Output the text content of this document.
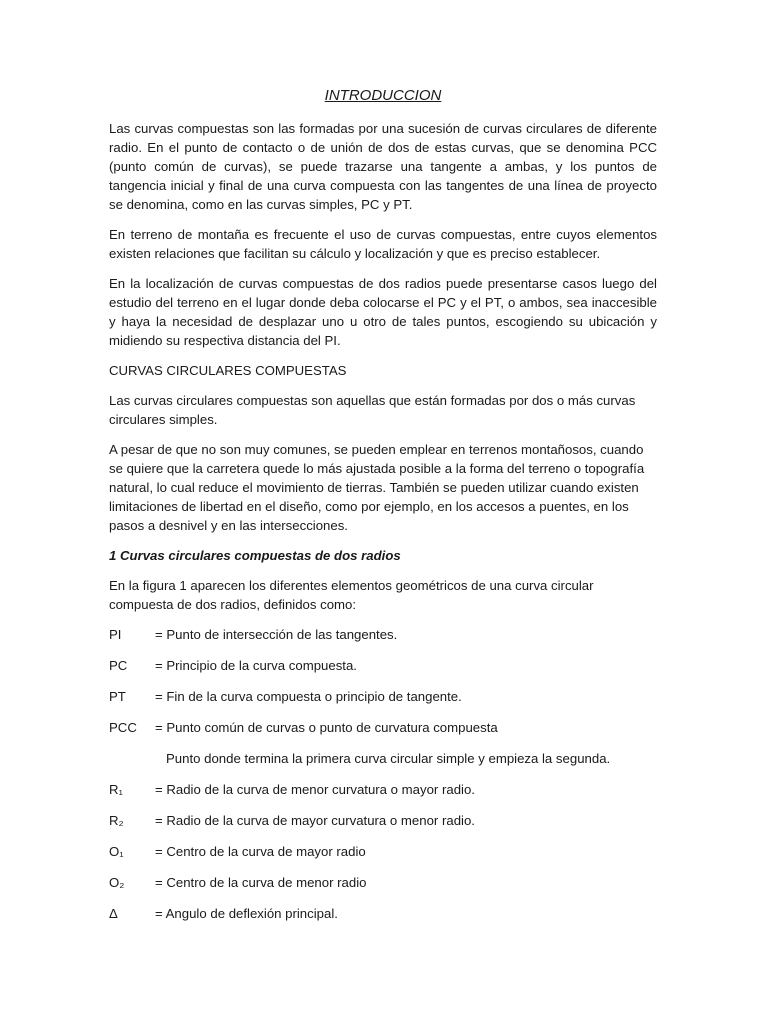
INTRODUCCION

Las curvas compuestas son las formadas por una sucesión de curvas circulares de diferente radio. En el punto de contacto o de unión de dos de estas curvas, que se denomina PCC (punto común de curvas), se puede trazarse una tangente a ambas, y los puntos de tangencia inicial y final de una curva compuesta con las tangentes de una línea de proyecto se denomina, como en las curvas simples, PC y PT.

En terreno de montaña es frecuente el uso de curvas compuestas, entre cuyos elementos existen relaciones que facilitan su cálculo y localización y que es preciso establecer.

En la localización de curvas compuestas de dos radios puede presentarse casos luego del estudio del terreno en el lugar donde deba colocarse el PC y el PT, o ambos, sea inaccesible y haya la necesidad de desplazar uno u otro de tales puntos, escogiendo su ubicación y midiendo su respectiva distancia del PI.

CURVAS CIRCULARES COMPUESTAS

Las curvas circulares compuestas son aquellas que están formadas por dos o más curvas circulares simples.

A pesar de que no son muy comunes, se pueden emplear en terrenos montañosos, cuando se quiere que la carretera quede lo más ajustada posible a la forma del terreno o topografía natural, lo cual reduce el movimiento de tierras. También se pueden utilizar cuando existen limitaciones de libertad en el diseño, como por ejemplo, en los accesos a puentes, en los pasos a desnivel y en las intersecciones.

1 Curvas circulares compuestas de dos radios

En la figura 1 aparecen los diferentes elementos geométricos de una curva circular compuesta de dos radios, definidos como:

PI	= Punto de intersección de las tangentes.
PC	= Principio de la curva compuesta.
PT	= Fin de la curva compuesta o principio de tangente.
PCC	= Punto común de curvas o punto de curvatura compuesta

Punto donde termina la primera curva circular simple y empieza la segunda.

R₁	= Radio de la curva de menor curvatura o mayor radio.
R₂	= Radio de la curva de mayor curvatura o menor radio.
O₁	= Centro de la curva de mayor radio
O₂	= Centro de la curva de menor radio
Δ	= Angulo de deflexión principal.
